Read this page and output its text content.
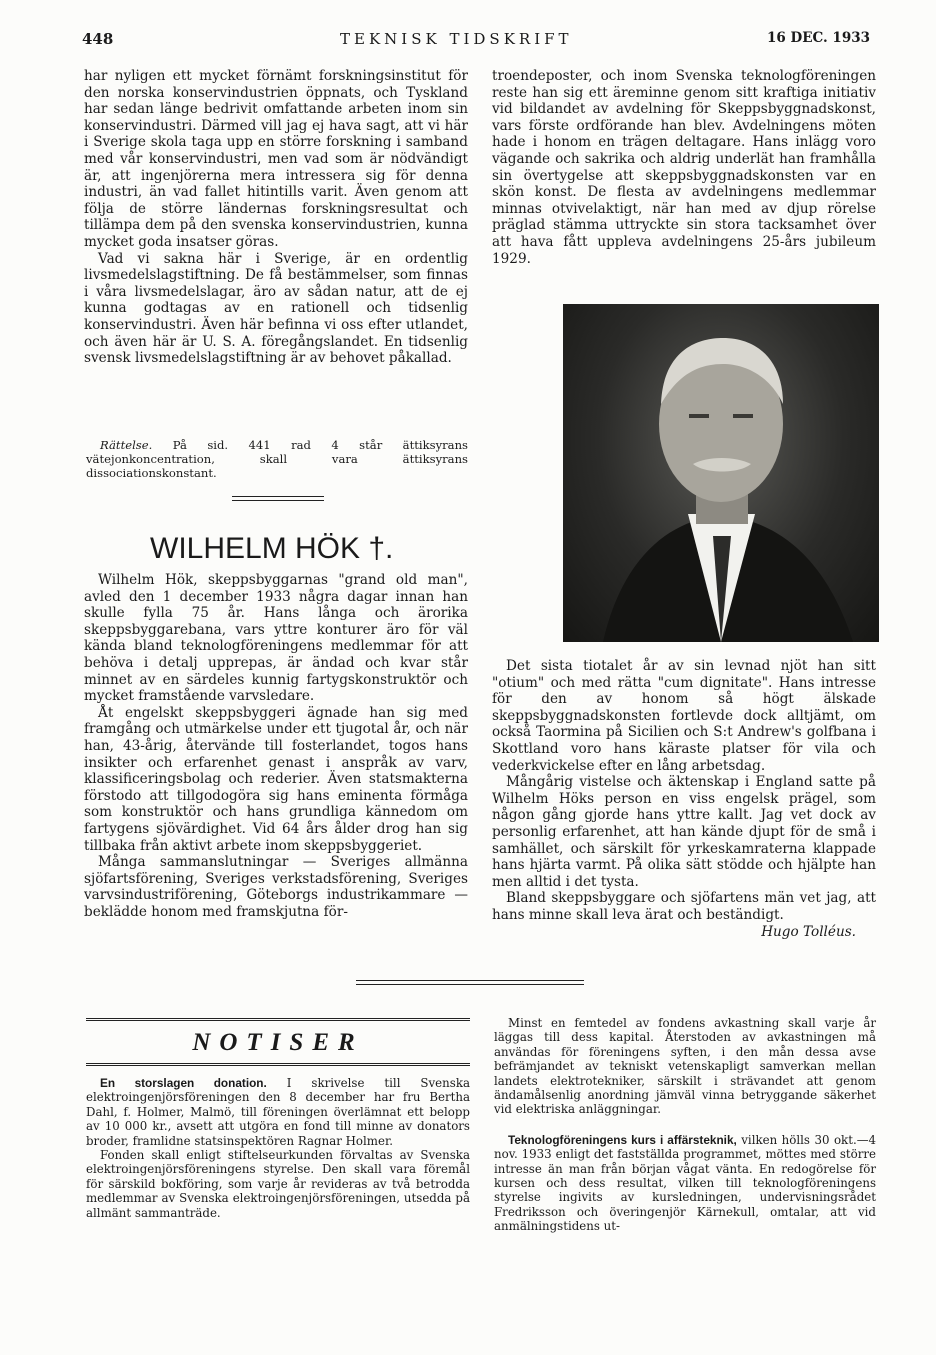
448	TEKNISK TIDSKRIFT	16 DEC. 1933

har nyligen ett mycket förnämt forskningsinstitut för den norska konservindustrien öppnats, och Tyskland har sedan länge bedrivit omfattande arbeten inom sin konservindustri. Därmed vill jag ej hava sagt, att vi här i Sverige skola taga upp en större forskning i samband med vår konservindustri, men vad som är nödvändigt är, att ingenjörerna mera intressera sig för denna industri, än vad fallet hitintills varit. Även genom att följa de större ländernas forskningsresultat och tillämpa dem på den svenska konservindustrien, kunna mycket goda insatser göras.

Vad vi sakna här i Sverige, är en ordentlig livsmedelslagstiftning. De få bestämmelser, som finnas i våra livsmedelslagar, äro av sådan natur, att de ej kunna godtagas av en rationell och tidsenlig konservindustri. Även här befinna vi oss efter utlandet, och även här är U. S. A. föregångslandet. En tidsenlig svensk livsmedelslagstiftning är av behovet påkallad.

Rättelse. På sid. 441 rad 4 står ättiksyrans vätejonkoncentration, skall vara ättiksyrans dissociationskonstant.
WILHELM HÖK †.

Wilhelm Hök, skeppsbyggarnas "grand old man", avled den 1 december 1933 några dagar innan han skulle fylla 75 år. Hans långa och ärorika skeppsbyggarebana, vars yttre konturer äro för väl kända bland teknologföreningens medlemmar för att behöva i detalj upprepas, är ändad och kvar står minnet av en särdeles kunnig fartygskonstruktör och mycket framstående varvsledare.

Åt engelskt skeppsbyggeri ägnade han sig med framgång och utmärkelse under ett tjugotal år, och när han, 43-årig, återvände till fosterlandet, togos hans insikter och erfarenhet genast i anspråk av varv, klassificeringsbolag och rederier. Även statsmakterna förstodo att tillgodogöra sig hans eminenta förmåga som konstruktör och hans grundliga kännedom om fartygens sjövärdighet. Vid 64 års ålder drog han sig tillbaka från aktivt arbete inom skeppsbyggeriet.

Många sammanslutningar — Sveriges allmänna sjöfartsförening, Sveriges verkstadsförening, Sveriges varvsindustriförening, Göteborgs industrikammare — beklädde honom med framskjutna för-

troendeposter, och inom Svenska teknologföreningen reste han sig ett äreminne genom sitt kraftiga initiativ vid bildandet av avdelning för Skeppsbyggnadskonst, vars förste ordförande han blev. Avdelningens möten hade i honom en trägen deltagare. Hans inlägg voro vägande och sakrika och aldrig underlät han framhålla sin övertygelse att skeppsbyggnadskonsten var en skön konst. De flesta av avdelningens medlemmar minnas otvivelaktigt, när han med av djup rörelse präglad stämma uttryckte sin stora tacksamhet över att hava fått uppleva avdelningens 25-års jubileum 1929.

Det sista tiotalet år av sin levnad njöt han sitt "otium" och med rätta "cum dignitate". Hans intresse för den av honom så högt älskade skeppsbyggnadskonsten fortlevde dock alltjämt, om också Taormina på Sicilien och S:t Andrew's golfbana i Skottland voro hans käraste platser för vila och vederkvickelse efter en lång arbetsdag.

Mångårig vistelse och äktenskap i England satte på Wilhelm Höks person en viss engelsk prägel, som någon gång gjorde hans yttre kallt. Jag vet dock av personlig erfarenhet, att han kände djupt för de små i samhället, och särskilt för yrkeskamraterna klappade hans hjärta varmt. På olika sätt stödde och hjälpte han men alltid i det tysta.

Bland skeppsbyggare och sjöfartens män vet jag, att hans minne skall leva ärat och beständigt.

Hugo Tolléus.

NOTISER

En storslagen donation. I skrivelse till Svenska elektroingenjörsföreningen den 8 december har fru Bertha Dahl, f. Holmer, Malmö, till föreningen överlämnat ett belopp av 10 000 kr., avsett att utgöra en fond till minne av donators broder, framlidne statsinspektören Ragnar Holmer.

Fonden skall enligt stiftelseurkunden förvaltas av Svenska elektroingenjörsföreningens styrelse. Den skall vara föremål för särskild bokföring, som varje år revideras av två betrodda medlemmar av Svenska elektroingenjörsföreningen, utsedda på allmänt sammanträde.

Minst en femtedel av fondens avkastning skall varje år läggas till dess kapital. Återstoden av avkastningen må användas för föreningens syften, i den mån dessa avse befrämjandet av tekniskt vetenskapligt samverkan mellan landets elektrotekniker, särskilt i strävandet att genom ändamålsenlig anordning jämväl vinna betryggande säkerhet vid elektriska anläggningar.

Teknologföreningens kurs i affärsteknik, vilken hölls 30 okt.—4 nov. 1933 enligt det fastställda programmet, möttes med större intresse än man från början vågat vänta. En redogörelse för kursen och dess resultat, vilken till teknologföreningens styrelse ingivits av kursledningen, undervisningsrådet Fredriksson och överingenjör Kärnekull, omtalar, att vid anmälningstidens ut-
